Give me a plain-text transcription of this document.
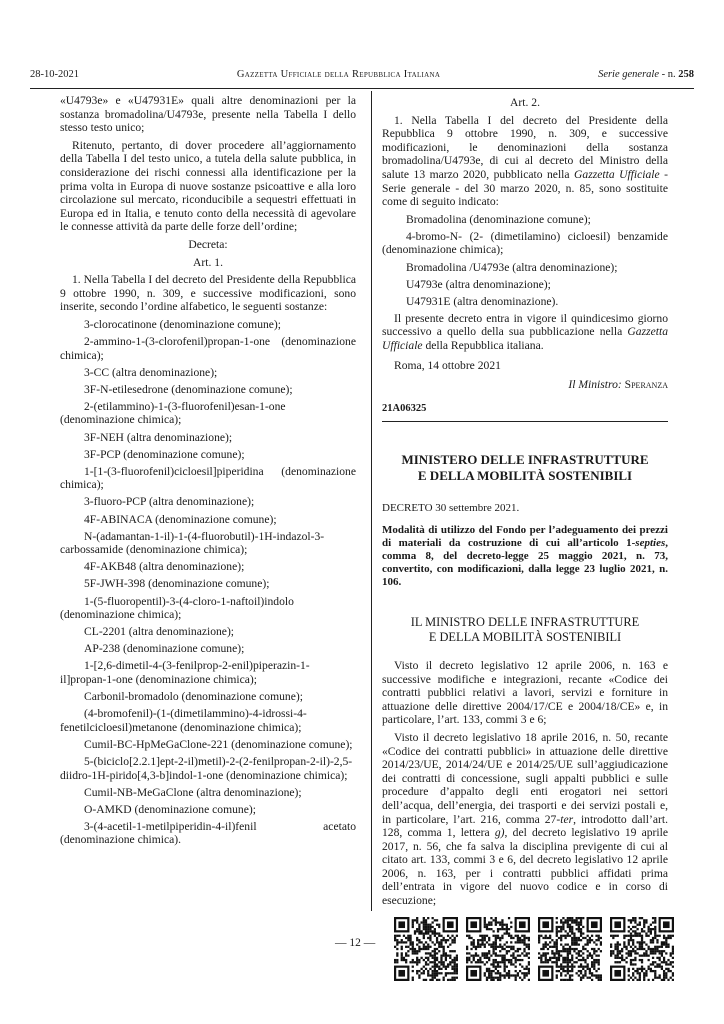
28-10-2021	Gazzetta Ufficiale della Repubblica Italiana	Serie generale - n. 258

«U4793e» e «U47931E» quali altre denominazioni per la sostanza bromadolina/U4793e, presente nella Tabella I dello stesso testo unico;

Ritenuto, pertanto, di dover procedere all’aggiornamento della Tabella I del testo unico, a tutela della salute pubblica, in considerazione dei rischi connessi alla identificazione per la prima volta in Europa di nuove sostanze psicoattive e alla loro circolazione sul mercato, riconducibile a sequestri effettuati in Europa ed in Italia, e tenuto conto della necessità di agevolare le connesse attività da parte delle forze dell’ordine;

Decreta:

Art. 1.

1. Nella Tabella I del decreto del Presidente della Repubblica 9 ottobre 1990, n. 309, e successive modificazioni, sono inserite, secondo l’ordine alfabetico, le seguenti sostanze:

3-clorocatinone (denominazione comune);

2-ammino-1-(3-clorofenil)propan-1-one (denominazione chimica);

3-CC (altra denominazione);

3F-N-etilesedrone (denominazione comune);

2-(etilammino)-1-(3-fluorofenil)esan-1-one (denominazione chimica);

3F-NEH (altra denominazione);

3F-PCP (denominazione comune);

1-[1-(3-fluorofenil)cicloesil]piperidina (denominazione chimica);

3-fluoro-PCP (altra denominazione);

4F-ABINACA (denominazione comune);

N-(adamantan-1-il)-1-(4-fluorobutil)-1H-indazol-3-carbossamide (denominazione chimica);

4F-AKB48 (altra denominazione);

5F-JWH-398 (denominazione comune);

1-(5-fluoropentil)-3-(4-cloro-1-naftoil)indolo (denominazione chimica);

CL-2201 (altra denominazione);

AP-238 (denominazione comune);

1-[2,6-dimetil-4-(3-fenilprop-2-enil)piperazin-1-il]propan-1-one (denominazione chimica);

Carbonil-bromadolo (denominazione comune);

(4-bromofenil)-(1-(dimetilammino)-4-idrossi-4-fenetilcicloesil)metanone (denominazione chimica);

Cumil-BC-HpMeGaClone-221 (denominazione comune);

5-(biciclo[2.2.1]ept-2-il)metil)-2-(2-fenilpropan-2-il)-2,5-diidro-1H-pirido[4,3-b]indol-1-one (denominazione chimica);

Cumil-NB-MeGaClone (altra denominazione);

O-AMKD (denominazione comune);

3-(4-acetil-1-metilpiperidin-4-il)fenil acetato (denominazione chimica).

Art. 2.

1. Nella Tabella I del decreto del Presidente della Repubblica 9 ottobre 1990, n. 309, e successive modificazioni, le denominazioni della sostanza bromadolina/U4793e, di cui al decreto del Ministro della salute 13 marzo 2020, pubblicato nella Gazzetta Ufficiale - Serie generale - del 30 marzo 2020, n. 85, sono sostituite come di seguito indicato:

Bromadolina (denominazione comune);

4-bromo-N- (2- (dimetilamino) cicloesil) benzamide (denominazione chimica);

Bromadolina /U4793e (altra denominazione);

U4793e (altra denominazione);

U47931E (altra denominazione).

Il presente decreto entra in vigore il quindicesimo giorno successivo a quello della sua pubblicazione nella Gazzetta Ufficiale della Repubblica italiana.

Roma, 14 ottobre 2021

Il Ministro: Speranza
21A06325
MINISTERO DELLE INFRASTRUTTURE
E DELLA MOBILITÀ SOSTENIBILI
DECRETO 30 settembre 2021.
Modalità di utilizzo del Fondo per l’adeguamento dei prezzi di materiali da costruzione di cui all’articolo 1-septies, comma 8, del decreto-legge 25 maggio 2021, n. 73, convertito, con modificazioni, dalla legge 23 luglio 2021, n. 106.
IL MINISTRO DELLE INFRASTRUTTURE
E DELLA MOBILITÀ SOSTENIBILI

Visto il decreto legislativo 12 aprile 2006, n. 163 e successive modifiche e integrazioni, recante «Codice dei contratti pubblici relativi a lavori, servizi e forniture in attuazione delle direttive 2004/17/CE e 2004/18/CE» e, in particolare, l’art. 133, commi 3 e 6;

Visto il decreto legislativo 18 aprile 2016, n. 50, recante «Codice dei contratti pubblici» in attuazione delle direttive 2014/23/UE, 2014/24/UE e 2014/25/UE sull’aggiudicazione dei contratti di concessione, sugli appalti pubblici e sulle procedure d’appalto degli enti erogatori nei settori dell’acqua, dell’energia, dei trasporti e dei servizi postali e, in particolare, l’art. 216, comma 27-ter, introdotto dall’art. 128, comma 1, lettera g), del decreto legislativo 19 aprile 2017, n. 56, che fa salva la disciplina previgente di cui al citato art. 133, commi 3 e 6, del decreto legislativo 12 aprile 2006, n. 163, per i contratti pubblici affidati prima dell’entrata in vigore del nuovo codice e in corso di esecuzione;

— 12 —
